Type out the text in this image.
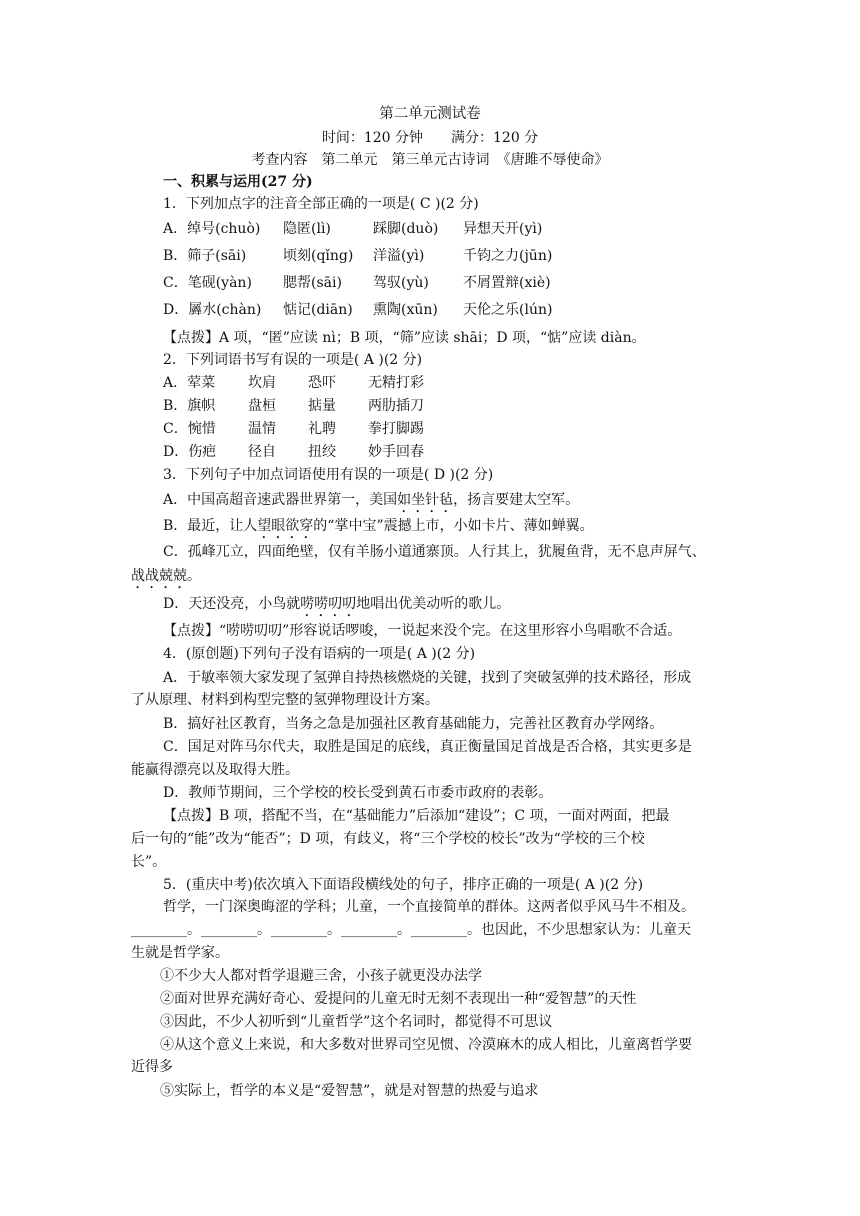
第二单元测试卷
时间：120 分钟　　满分：120 分
考查内容　第二单元　第三单元古诗词　《唐雎不辱使命》
一、积累与运用(27 分)
1．下列加点字的注音全部正确的一项是( C )(2 分)
A．绰号(chuò) 隐匿(lì)	踩脚(duò) 异想天开(yì)
B．筛子(sāi)	顷刻(qǐng) 洋溢(yì)	千钧之力(jūn)
C．笔砚(yàn) 腮帮(sāi) 驾驭(yù) 不屑置辩(xiè)
D．羼水(chàn) 惦记(diān) 熏陶(xūn) 天伦之乐(lún)
【点拨】A 项，“匿”应读 nì；B 项，“筛”应读 shāi；D 项，“惦”应读 diàn。
2．下列词语书写有误的一项是( A )(2 分)
A．荤菜 坎肩 恐吓 无精打彩
B．旗帜 盘桓 掂量 两肋插刀
C．惋惜 温情 礼聘 拳打脚踢
D．伤疤 径自 扭绞 妙手回春
3．下列句子中加点词语使用有误的一项是( D )(2 分)
A．中国高超音速武器世界第一，美国如坐针毡，扬言要建太空军。
B．最近，让人望眼欲穿的“掌中宝”震撼上市，小如卡片、薄如蝉翼。
C．孤峰兀立，四面绝壁，仅有羊肠小道通寨顶。人行其上，犹履鱼背，无不息声屏气、
战战兢兢。
D．天还没亮，小鸟就唠唠叨叨地唱出优美动听的歌儿。
【点拨】“唠唠叨叨”形容说话啰唆，一说起来没个完。在这里形容小鸟唱歌不合适。
4．(原创题)下列句子没有语病的一项是( A )(2 分)
A．于敏率领大家发现了氢弹自持热核燃烧的关键，找到了突破氢弹的技术路径，形成
了从原理、材料到构型完整的氢弹物理设计方案。
B．搞好社区教育，当务之急是加强社区教育基础能力，完善社区教育办学网络。
C．国足对阵马尔代夫，取胜是国足的底线，真正衡量国足首战是否合格，其实更多是
能赢得漂亮以及取得大胜。
D．教师节期间，三个学校的校长受到黄石市委市政府的表彰。
【点拨】B 项，搭配不当，在“基础能力”后添加“建设”；C 项，一面对两面，把最
后一句的“能”改为“能否”；D 项，有歧义，将“三个学校的校长”改为“学校的三个校
长”。
5．(重庆中考)依次填入下面语段横线处的句子，排序正确的一项是( A )(2 分)
哲学，一门深奥晦涩的学科；儿童，一个直接简单的群体。这两者似乎风马牛不相及。
________。________。________。________。________。也因此，不少思想家认为：儿童天
生就是哲学家。
①不少大人都对哲学退避三舍，小孩子就更没办法学
②面对世界充满好奇心、爱提问的儿童无时无刻不表现出一种“爱智慧”的天性
③因此，不少人初听到“儿童哲学”这个名词时，都觉得不可思议
④从这个意义上来说，和大多数对世界司空见惯、冷漠麻木的成人相比，儿童离哲学要
近得多
⑤实际上，哲学的本义是“爱智慧”，就是对智慧的热爱与追求
